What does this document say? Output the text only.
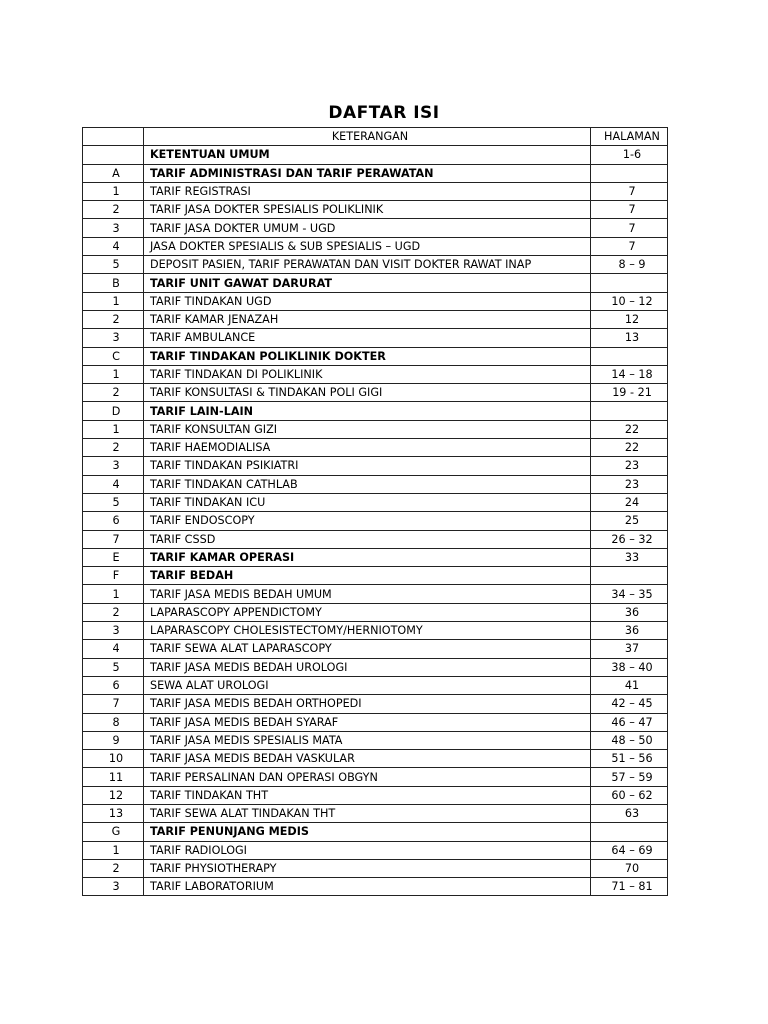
DAFTAR ISI
	KETERANGAN	HALAMAN
	KETENTUAN UMUM	1-6
A	TARIF ADMINISTRASI DAN TARIF PERAWATAN	
1	TARIF REGISTRASI	7
2	TARIF JASA DOKTER SPESIALIS POLIKLINIK	7
3	TARIF JASA DOKTER UMUM - UGD	7
4	JASA DOKTER SPESIALIS & SUB SPESIALIS – UGD	7
5	DEPOSIT PASIEN, TARIF PERAWATAN DAN VISIT DOKTER RAWAT INAP	8 – 9
B	TARIF UNIT GAWAT DARURAT	
1	TARIF TINDAKAN UGD	10 – 12
2	TARIF KAMAR JENAZAH	12
3	TARIF AMBULANCE	13
C	TARIF TINDAKAN POLIKLINIK DOKTER	
1	TARIF TINDAKAN DI POLIKLINIK	14 – 18
2	TARIF KONSULTASI & TINDAKAN POLI GIGI	19 - 21
D	TARIF LAIN-LAIN	
1	TARIF KONSULTAN GIZI	22
2	TARIF HAEMODIALISA	22
3	TARIF TINDAKAN PSIKIATRI	23
4	TARIF TINDAKAN CATHLAB	23
5	TARIF TINDAKAN ICU	24
6	TARIF ENDOSCOPY	25
7	TARIF CSSD	26 – 32
E	TARIF KAMAR OPERASI	33
F	TARIF BEDAH	
1	TARIF JASA MEDIS BEDAH UMUM	34 – 35
2	LAPARASCOPY APPENDICTOMY	36
3	LAPARASCOPY CHOLESISTECTOMY/HERNIOTOMY	36
4	TARIF SEWA ALAT LAPARASCOPY	37
5	TARIF JASA MEDIS BEDAH UROLOGI	38 – 40
6	SEWA ALAT UROLOGI	41
7	TARIF JASA MEDIS BEDAH ORTHOPEDI	42 – 45
8	TARIF JASA MEDIS BEDAH SYARAF	46 – 47
9	TARIF JASA MEDIS SPESIALIS MATA	48 – 50
10	TARIF JASA MEDIS BEDAH VASKULAR	51 – 56
11	TARIF PERSALINAN DAN OPERASI OBGYN	57 – 59
12	TARIF TINDAKAN THT	60 – 62
13	TARIF SEWA ALAT TINDAKAN THT	63
G	TARIF PENUNJANG MEDIS	
1	TARIF RADIOLOGI	64 – 69
2	TARIF PHYSIOTHERAPY	70
3	TARIF LABORATORIUM	71 – 81
